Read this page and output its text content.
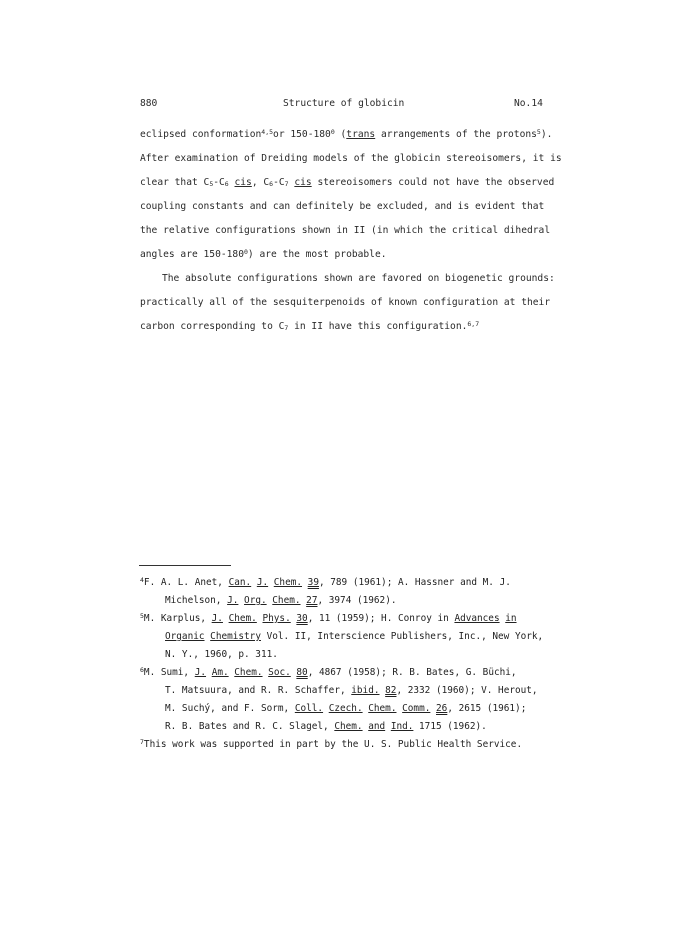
880	Structure of globicin	No.14
eclipsed conformation$^{4,5}$or $150-180^0$ (trans arrangements of the protons$^5$).
After examination of Dreiding models of the globicin stereoisomers, it is
clear that $C_5-C_6$ cis, $C_6-C_7$ cis stereoisomers could not have the observed
coupling constants and can definitely be excluded, and is evident that
the relative configurations shown in II (in which the critical dihedral
angles are $150-180^0$) are the most probable.
The absolute configurations shown are favored on biogenetic grounds:
practically all of the sesquiterpenoids of known configuration at their
carbon corresponding to $C_7$ in II have this configuration.$^{6,7}$
$^4$F. A. L. Anet, Can. J. Chem. 39, 789 (1961); A. Hassner and M. J.
Michelson, J. Org. Chem. 27, 3974 (1962).
$^5$M. Karplus, J. Chem. Phys. 30, 11 (1959); H. Conroy in Advances in
Organic Chemistry Vol. II, Interscience Publishers, Inc., New York,
N. Y., 1960, p. 311.
$^6$M. Sumi, J. Am. Chem. Soc. 80, 4867 (1958); R. B. Bates, G. Büchi,
T. Matsuura, and R. R. Schaffer, ibid. 82, 2332 (1960); V. Herout,
M. Suchý, and F. Sorm, Coll. Czech. Chem. Comm. 26, 2615 (1961);
R. B. Bates and R. C. Slagel, Chem. and Ind. 1715 (1962).
$^7$This work was supported in part by the U. S. Public Health Service.
